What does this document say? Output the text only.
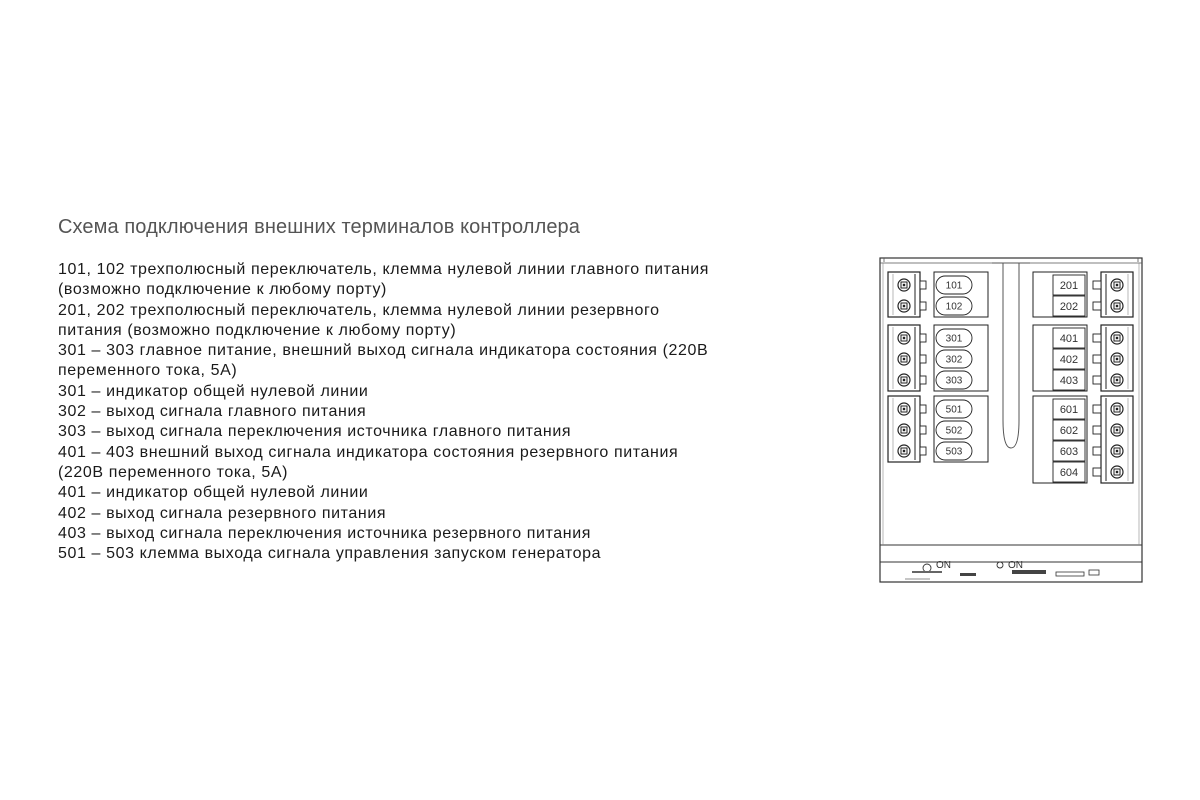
Схема подключения внешних терминалов контроллера
101, 102 трехполюсный переключатель, клемма нулевой линии главного питания
(возможно подключение к любому порту)
201, 202 трехполюсный переключатель, клемма нулевой линии резервного
питания (возможно подключение к любому порту)
301 – 303 главное питание, внешний выход сигнала индикатора состояния (220В
переменного тока, 5А)
301 – индикатор общей нулевой линии
302 – выход сигнала главного питания
303 – выход сигнала переключения источника главного питания
401 – 403 внешний выход сигнала индикатора состояния резервного питания
(220В переменного тока, 5А)
401 – индикатор общей нулевой линии
402 – выход сигнала резервного питания
403 – выход сигнала переключения источника резервного питания
501 – 503 клемма выхода сигнала управления запуском генератора
101
102
301
302
303
501
502
503
201
202
401
402
403
601
602
603
604
ON	ON
